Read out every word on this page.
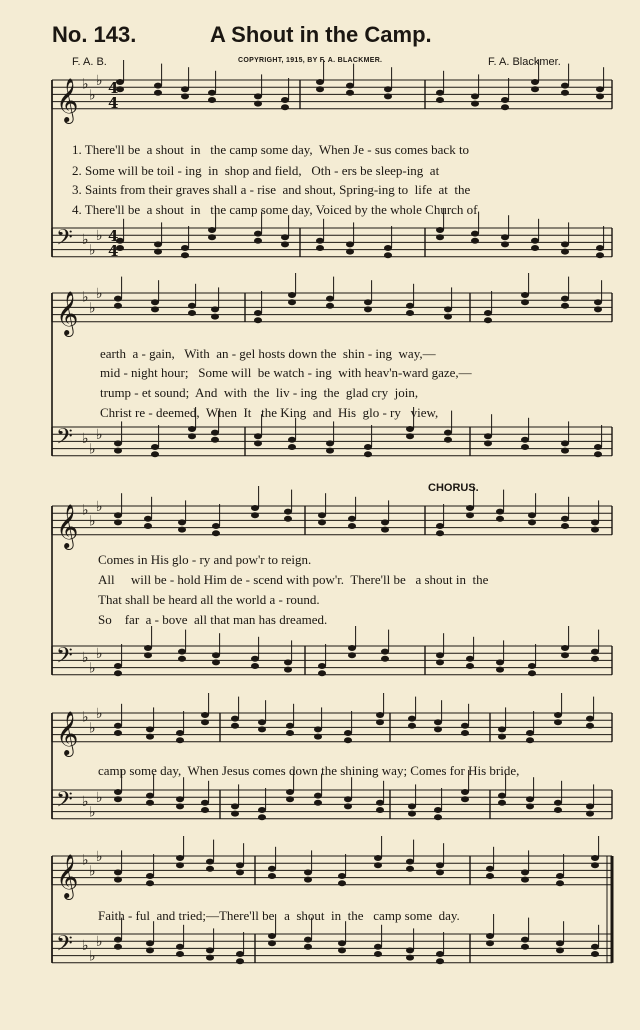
No. 143.	A Shout in the Camp.
F. A. B.	COPYRIGHT, 1915, BY F. A. BLACKMER.	F. A. Blackmer.
CHORUS.
𝄞 ♭
♭
♭
𝄢 ♭
♭
♭
𝄞 ♭
♭
♭
𝄢 ♭
♭
♭
𝄞 ♭
♭
♭
𝄢 ♭
♭
♭
𝄞 ♭
♭
♭
𝄢 ♭
♭
♭
𝄞 ♭
♭
♭
𝄢 ♭
♭
♭
4
4
4
4
1. There'll be  a shout  in   the camp some day,  When Je - sus comes back to
2. Some will be toil - ing  in  shop and field,   Oth - ers be sleep-ing  at
3. Saints from their graves shall a - rise  and shout, Spring-ing to  life  at  the
4. There'll be  a shout  in   the camp some day, Voiced by the whole Church of
earth  a - gain,   With  an - gel hosts down the  shin - ing  way,—
mid - night hour;   Some will  be watch - ing  with heav'n-ward gaze,—
trump - et sound;  And  with  the  liv - ing  the  glad cry  join,
Christ re - deemed,  When  It   the King  and  His  glo - ry   view,
Comes in His glo - ry and pow'r to reign.
All     will be - hold Him de - scend with pow'r.  There'll be   a shout in  the
That shall be heard all the world a - round.
So    far  a - bove  all that man has dreamed.
camp some day,  When Jesus comes down the shining way; Comes for His bride,
Faith - ful  and tried;—There'll be   a  shout  in  the   camp some  day.
